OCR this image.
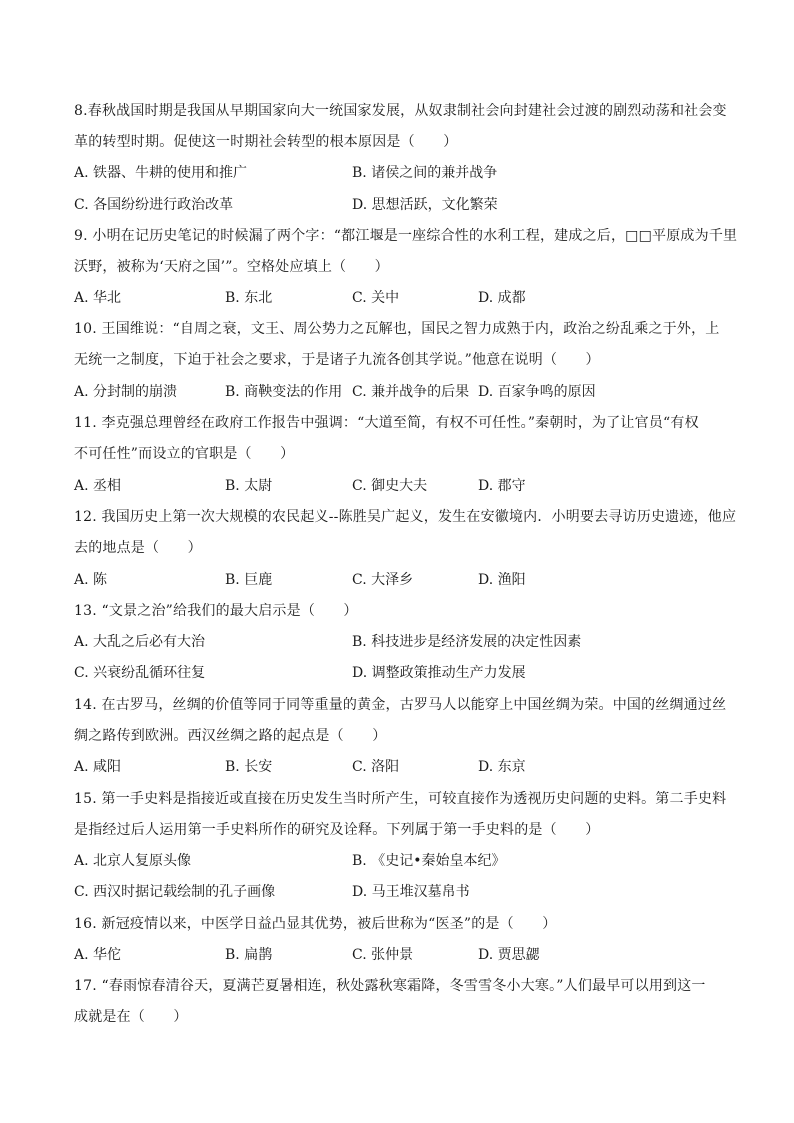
8.春秋战国时期是我国从早期国家向大一统国家发展，从奴隶制社会向封建社会过渡的剧烈动荡和社会变
革的转型时期。促使这一时期社会转型的根本原因是（　　）
A. 铁器、牛耕的使用和推广	B. 诸侯之间的兼并战争
C. 各国纷纷进行政治改革	D. 思想活跃，文化繁荣
9. 小明在记历史笔记的时候漏了两个字：“都江堰是一座综合性的水利工程，建成之后，□□平原成为千里
沃野，被称为‘天府之国’”。空格处应填上（　　）
A. 华北	B. 东北	C. 关中	D. 成都
10. 王国维说：“自周之衰，文王、周公势力之瓦解也，国民之智力成熟于内，政治之纷乱乘之于外，上
无统一之制度，下迫于社会之要求，于是诸子九流各创其学说。”他意在说明（　　）
A. 分封制的崩溃	B. 商鞅变法的作用 C. 兼并战争的后果 D. 百家争鸣的原因
11. 李克强总理曾经在政府工作报告中强调：“大道至简，有权不可任性。”秦朝时，为了让官员“有权
不可任性”而设立的官职是（　　）
A. 丞相	B. 太尉	C. 御史大夫	D. 郡守
12. 我国历史上第一次大规模的农民起义--陈胜吴广起义，发生在安徽境内．小明要去寻访历史遗迹，他应
去的地点是（　　）
A. 陈	B. 巨鹿	C. 大泽乡	D. 渔阳
13. “文景之治”给我们的最大启示是（　　）
A. 大乱之后必有大治	B. 科技进步是经济发展的决定性因素
C. 兴衰纷乱循环往复	D. 调整政策推动生产力发展
14. 在古罗马，丝绸的价值等同于同等重量的黄金，古罗马人以能穿上中国丝绸为荣。中国的丝绸通过丝
绸之路传到欧洲。西汉丝绸之路的起点是（　　）
A. 咸阳	B. 长安	C. 洛阳	D. 东京
15. 第一手史料是指接近或直接在历史发生当时所产生，可较直接作为透视历史问题的史料。第二手史料
是指经过后人运用第一手史料所作的研究及诠释。下列属于第一手史料的是（　　）
A. 北京人复原头像	B. 《史记•秦始皇本纪》
C. 西汉时据记载绘制的孔子画像	D. 马王堆汉墓帛书
16. 新冠疫情以来，中医学日益凸显其优势，被后世称为“医圣”的是（　　）
A. 华佗	B. 扁鹊	C. 张仲景	D. 贾思勰
17. “春雨惊春清谷天，夏满芒夏暑相连，秋处露秋寒霜降，冬雪雪冬小大寒。”人们最早可以用到这一
成就是在（　　）
